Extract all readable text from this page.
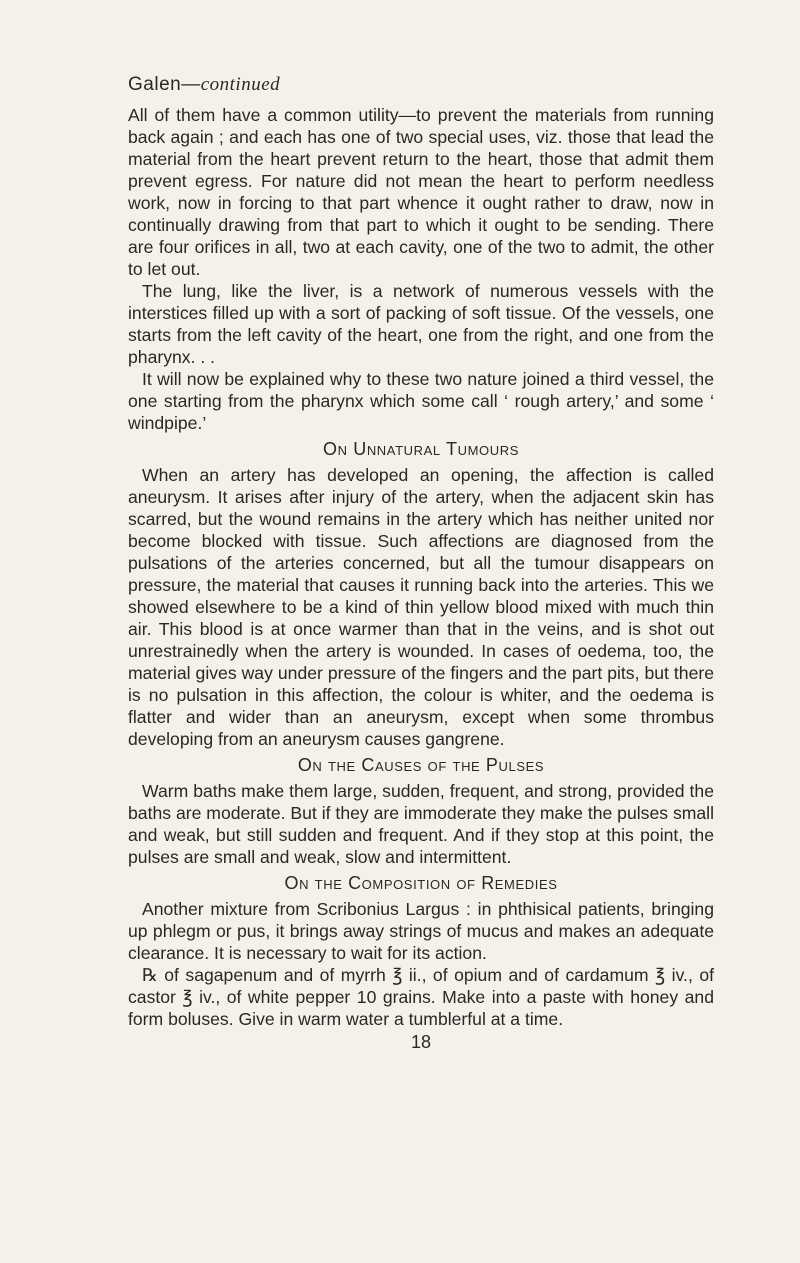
Galen—continued

All of them have a common utility—to prevent the materials from running back again ; and each has one of two special uses, viz. those that lead the material from the heart prevent return to the heart, those that admit them prevent egress. For nature did not mean the heart to perform needless work, now in forcing to that part whence it ought rather to draw, now in continually drawing from that part to which it ought to be sending. There are four orifices in all, two at each cavity, one of the two to admit, the other to let out.

The lung, like the liver, is a network of numerous vessels with the interstices filled up with a sort of packing of soft tissue. Of the vessels, one starts from the left cavity of the heart, one from the right, and one from the pharynx. . .

It will now be explained why to these two nature joined a third vessel, the one starting from the pharynx which some call ‘ rough artery,’ and some ‘ windpipe.’

On Unnatural Tumours

When an artery has developed an opening, the affection is called aneurysm. It arises after injury of the artery, when the adjacent skin has scarred, but the wound remains in the artery which has neither united nor become blocked with tissue. Such affections are diagnosed from the pulsations of the arteries concerned, but all the tumour disappears on pressure, the material that causes it running back into the arteries. This we showed elsewhere to be a kind of thin yellow blood mixed with much thin air. This blood is at once warmer than that in the veins, and is shot out unrestrainedly when the artery is wounded. In cases of oedema, too, the material gives way under pressure of the fingers and the part pits, but there is no pulsation in this affection, the colour is whiter, and the oedema is flatter and wider than an aneurysm, except when some thrombus developing from an aneurysm causes gangrene.

On the Causes of the Pulses

Warm baths make them large, sudden, frequent, and strong, provided the baths are moderate. But if they are immoderate they make the pulses small and weak, but still sudden and frequent. And if they stop at this point, the pulses are small and weak, slow and intermittent.

On the Composition of Remedies

Another mixture from Scribonius Largus : in phthisical patients, bringing up phlegm or pus, it brings away strings of mucus and makes an adequate clearance. It is necessary to wait for its action.

℞ of sagapenum and of myrrh ℥ ii., of opium and of cardamum ℥ iv., of castor ℥ iv., of white pepper 10 grains. Make into a paste with honey and form boluses. Give in warm water a tumblerful at a time.

18
